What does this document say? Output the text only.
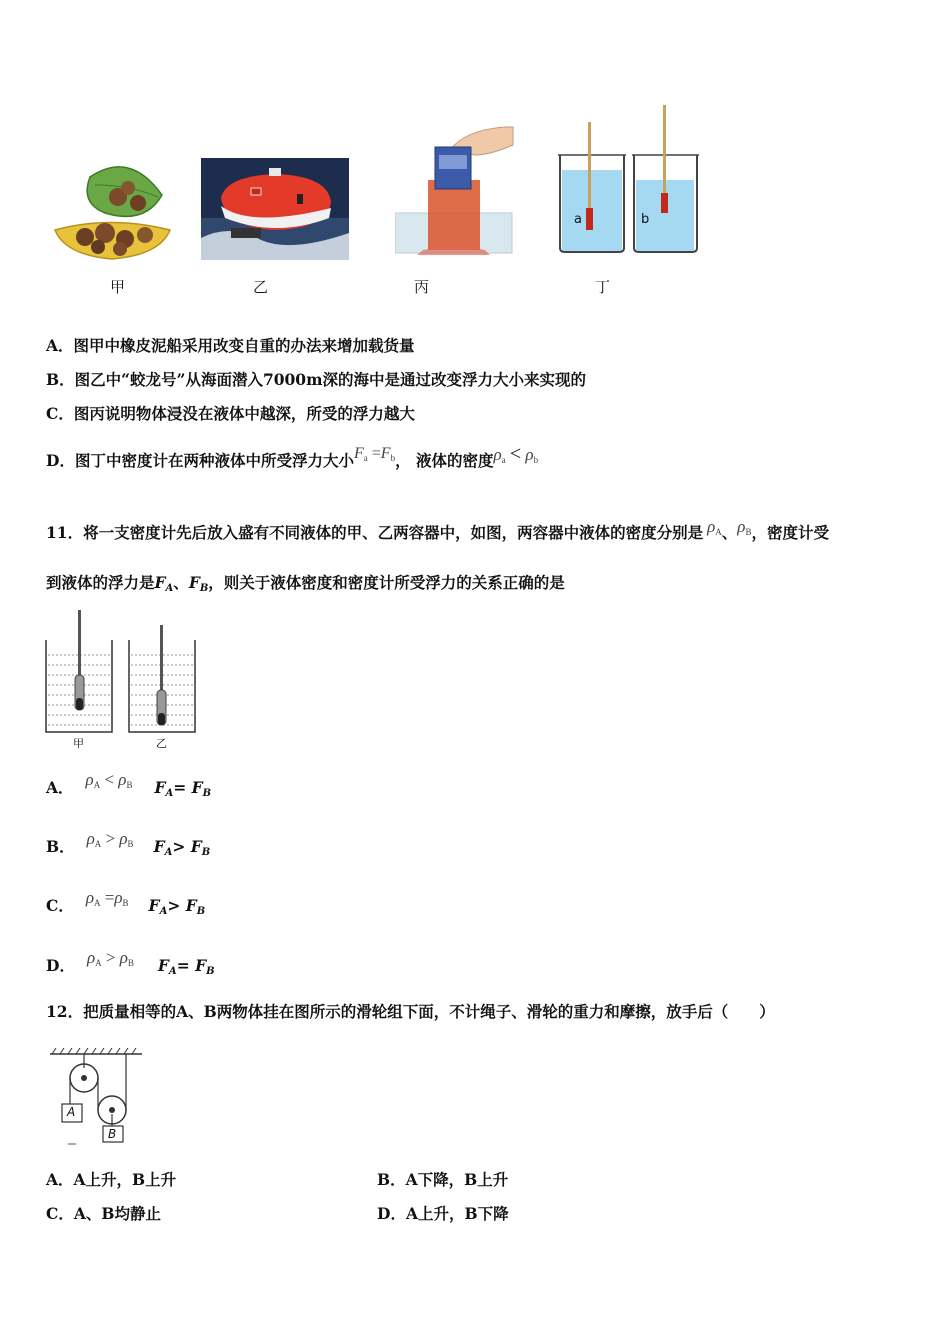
a	b
甲	乙	丙	丁
A．图甲中橡皮泥船采用改变自重的办法来增加载货量
B．图乙中“蛟龙号”从海面潜入7000m深的海中是通过改变浮力大小来实现的
C．图丙说明物体浸没在液体中越深，所受的浮力越大
D．图丁中密度计在两种液体中所受浮力大小$F_a =F_b$， 液体的密度$\rho_a < \rho_b$
11．将一支密度计先后放入盛有不同液体的甲、乙两容器中，如图，两容器中液体的密度分别是 $\rho_A$、$\rho_B$，密度计受
到液体的浮力是FA、FB，则关于液体密度和密度计所受浮力的关系正确的是
甲	乙
A． $\rho_A < \rho_B$ FA= FB
B． $\rho_A > \rho_B$ FA> FB
C． $\rho_A =\rho_B$ FA> FB
D． $\rho_A > \rho_B$ FA= FB
12．把质量相等的A、B两物体挂在图所示的滑轮组下面，不计绳子、滑轮的重力和摩擦，放手后（　　）
A
B
A．A上升，B上升	B．A下降，B上升
C．A、B均静止	D．A上升，B下降
